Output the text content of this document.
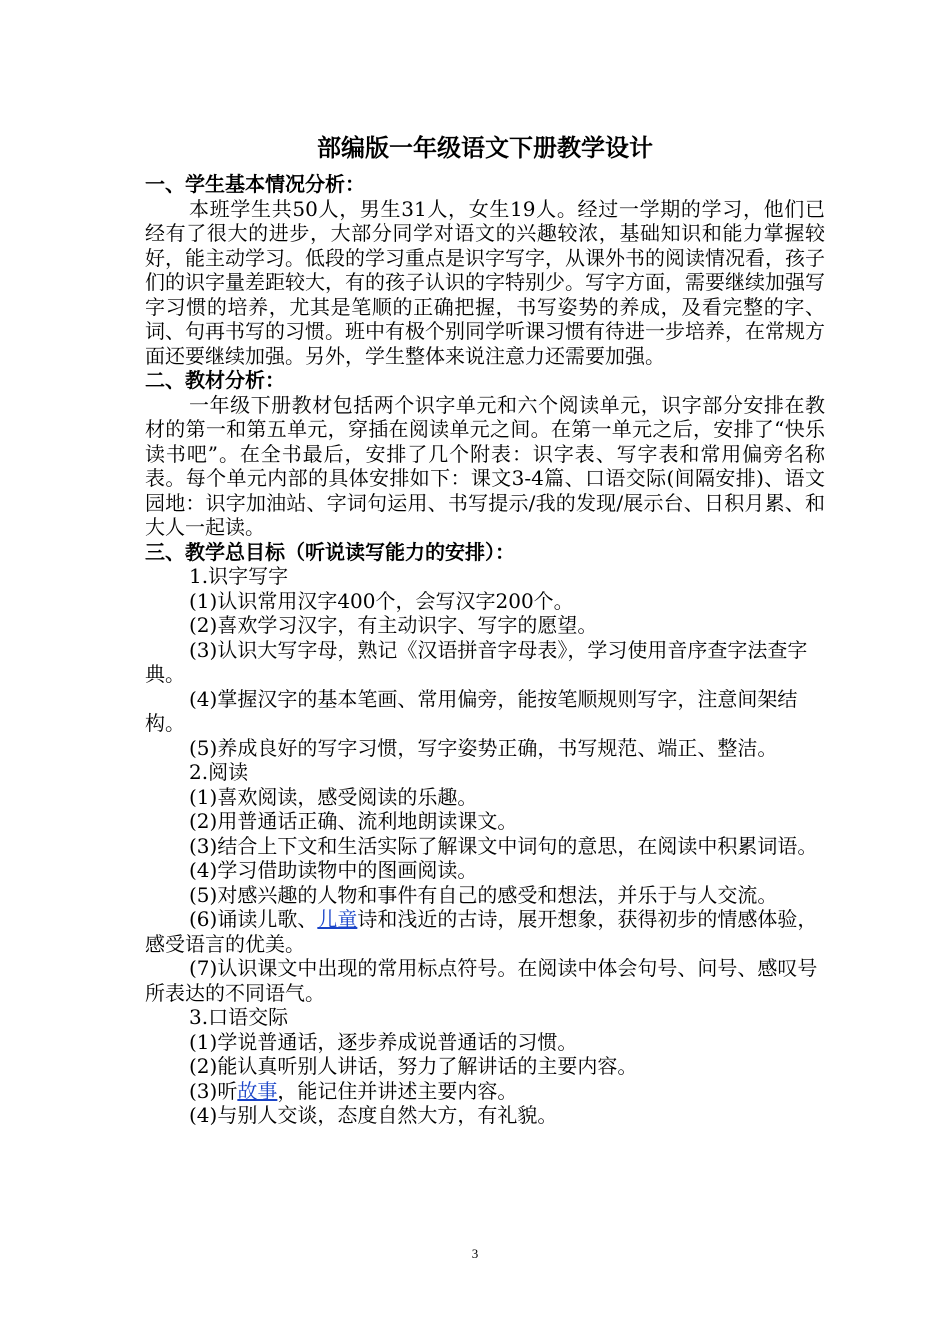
部编版一年级语文下册教学设计

一、学生基本情况分析：

本班学生共50人，男生31人，女生19人。经过一学期的学习，他们已经有了很大的进步，大部分同学对语文的兴趣较浓，基础知识和能力掌握较好，能主动学习。低段的学习重点是识字写字，从课外书的阅读情况看，孩子们的识字量差距较大，有的孩子认识的字特别少。写字方面，需要继续加强写字习惯的培养，尤其是笔顺的正确把握，书写姿势的养成，及看完整的字、词、句再书写的习惯。班中有极个别同学听课习惯有待进一步培养，在常规方面还要继续加强。另外，学生整体来说注意力还需要加强。

二、教材分析：

一年级下册教材包括两个识字单元和六个阅读单元，识字部分安排在教材的第一和第五单元，穿插在阅读单元之间。在第一单元之后，安排了“快乐读书吧”。在全书最后，安排了几个附表：识字表、写字表和常用偏旁名称表。每个单元内部的具体安排如下：课文3-4篇、口语交际(间隔安排)、语文园地：识字加油站、字词句运用、书写提示/我的发现/展示台、日积月累、和大人一起读。

三、教学总目标（听说读写能力的安排）：

1.识字写字

(1)认识常用汉字400个，会写汉字200个。

(2)喜欢学习汉字，有主动识字、写字的愿望。

(3)认识大写字母，熟记《汉语拼音字母表》，学习使用音序查字法查字典。

(4)掌握汉字的基本笔画、常用偏旁，能按笔顺规则写字，注意间架结构。

(5)养成良好的写字习惯，写字姿势正确，书写规范、端正、整洁。

2.阅读

(1)喜欢阅读，感受阅读的乐趣。

(2)用普通话正确、流利地朗读课文。

(3)结合上下文和生活实际了解课文中词句的意思，在阅读中积累词语。

(4)学习借助读物中的图画阅读。

(5)对感兴趣的人物和事件有自己的感受和想法，并乐于与人交流。

(6)诵读儿歌、儿童诗和浅近的古诗，展开想象，获得初步的情感体验，感受语言的优美。

(7)认识课文中出现的常用标点符号。在阅读中体会句号、问号、感叹号所表达的不同语气。

3.口语交际

(1)学说普通话，逐步养成说普通话的习惯。

(2)能认真听别人讲话，努力了解讲话的主要内容。

(3)听故事，能记住并讲述主要内容。

(4)与别人交谈，态度自然大方，有礼貌。

3
